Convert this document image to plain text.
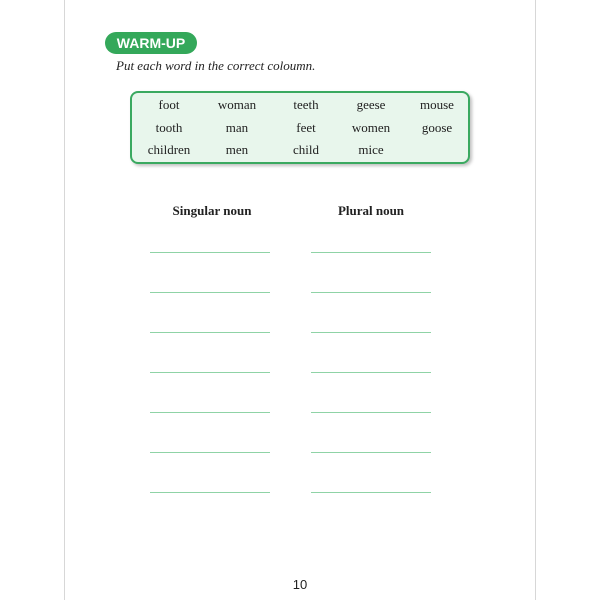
WARM-UP
Put each word in the correct coloumn.
foot	woman	teeth	geese	mouse
tooth	man	feet	women	goose
children	men	child	mice
Singular noun	Plural noun
10
